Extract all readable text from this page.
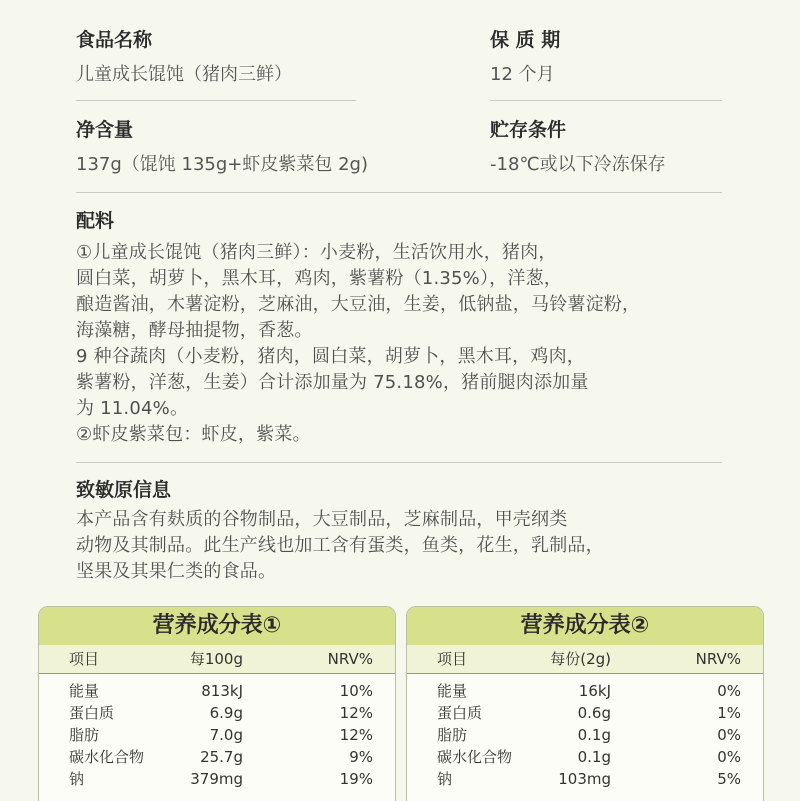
食品名称
儿童成长馄饨（猪肉三鲜）
保 质 期
12 个月
净含量
137g（馄饨 135g+虾皮紫菜包 2g)
贮存条件
-18℃或以下冷冻保存
配料
①儿童成长馄饨（猪肉三鲜）：小麦粉，生活饮用水，猪肉，
圆白菜，胡萝卜，黑木耳，鸡肉，紫薯粉（1.35%），洋葱，
酿造酱油，木薯淀粉，芝麻油，大豆油，生姜，低钠盐，马铃薯淀粉，
海藻糖，酵母抽提物，香葱。
9 种谷蔬肉（小麦粉，猪肉，圆白菜，胡萝卜，黑木耳，鸡肉，
紫薯粉，洋葱，生姜）合计添加量为 75.18%，猪前腿肉添加量
为 11.04%。
②虾皮紫菜包：虾皮，紫菜。
致敏原信息
本产品含有麸质的谷物制品，大豆制品，芝麻制品，甲壳纲类
动物及其制品。此生产线也加工含有蛋类，鱼类，花生，乳制品，
坚果及其果仁类的食品。
营养成分表①
项目	每100g	NRV%
能量	813kJ	10%
蛋白质	6.9g	12%
脂肪	7.0g	12%
碳水化合物	25.7g	9%
钠	379mg	19%
营养成分表②
项目	每份(2g)	NRV%
能量	16kJ	0%
蛋白质	0.6g	1%
脂肪	0.1g	0%
碳水化合物	0.1g	0%
钠	103mg	5%
